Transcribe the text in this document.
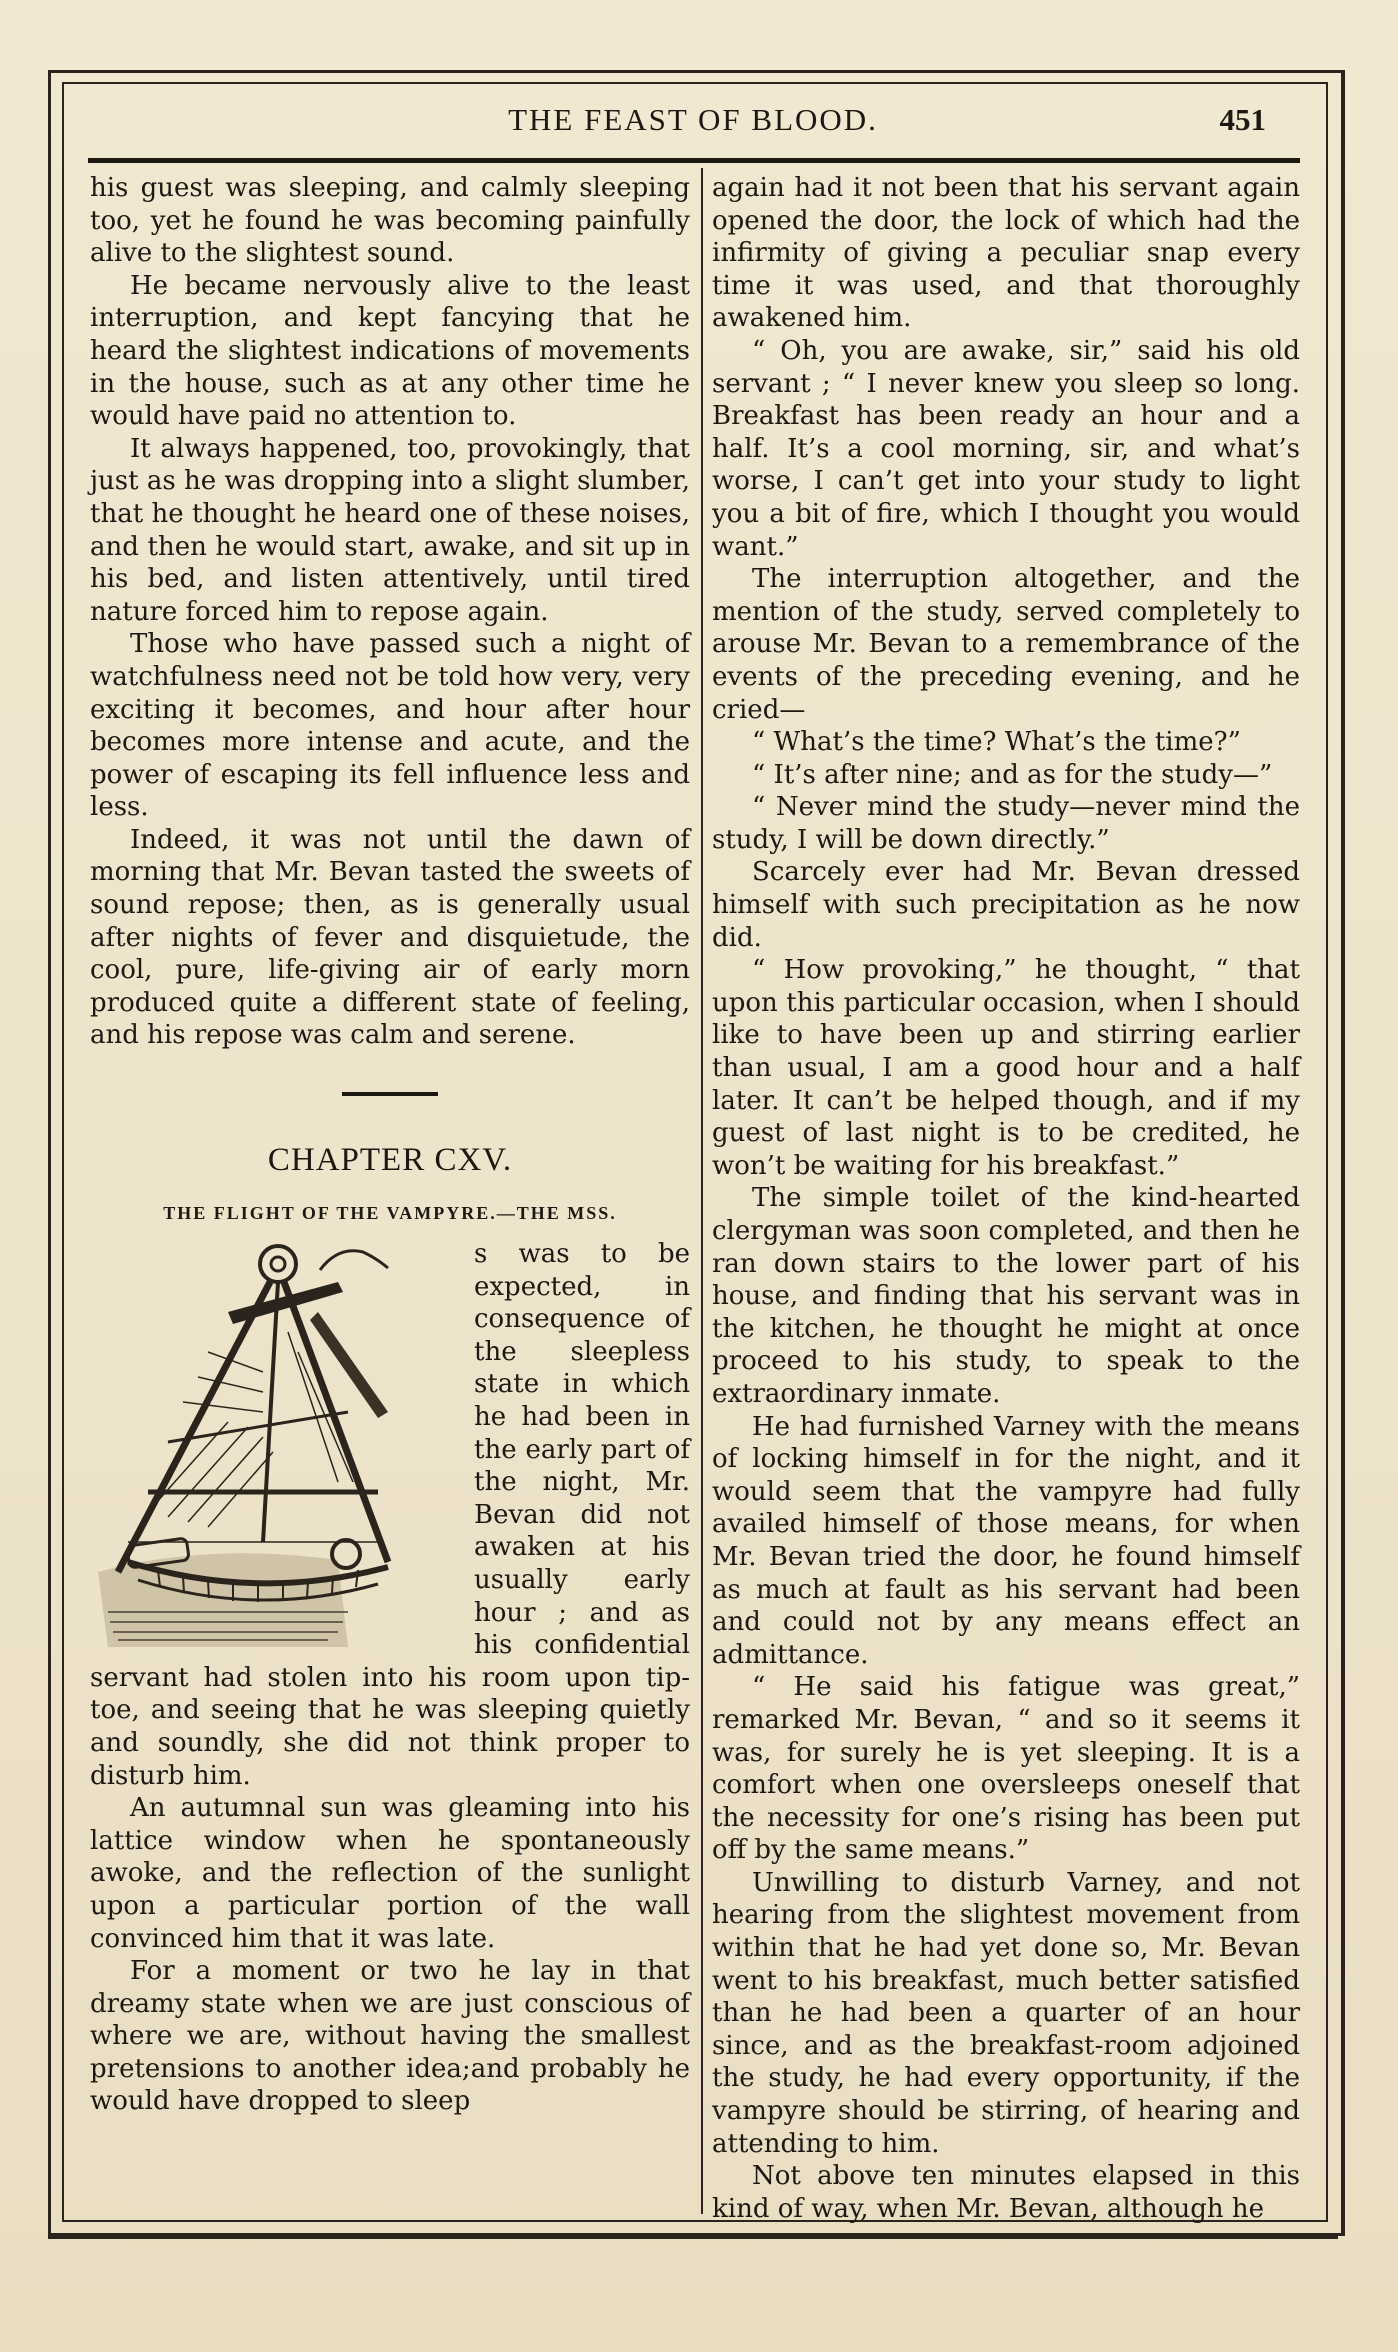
THE FEAST OF BLOOD.	451

his guest was sleeping, and calmly sleeping too, yet he found he was becoming painfully alive to the slightest sound.

He became nervously alive to the least interruption, and kept fancying that he heard the slightest indications of movements in the house, such as at any other time he would have paid no attention to.

It always happened, too, provokingly, that just as he was dropping into a slight slumber, that he thought he heard one of these noises, and then he would start, awake, and sit up in his bed, and listen attentively, until tired nature forced him to repose again.

Those who have passed such a night of watchfulness need not be told how very, very exciting it becomes, and hour after hour becomes more intense and acute, and the power of escaping its fell influence less and less.

Indeed, it was not until the dawn of morning that Mr. Bevan tasted the sweets of sound repose; then, as is generally usual after nights of fever and disquietude, the cool, pure, life-giving air of early morn produced quite a different state of feeling, and his repose was calm and serene.

CHAPTER CXV.
THE FLIGHT OF THE VAMPYRE.—THE MSS.

s was to be expected, in consequence of the sleepless state in which he had been in the early part of the night, Mr. Bevan did not awaken at his usually early hour ; and as his confidential servant had stolen into his room upon tip-toe, and seeing that he was sleeping quietly and soundly, she did not think proper to disturb him.

An autumnal sun was gleaming into his lattice window when he spontaneously awoke, and the reflection of the sunlight upon a particular portion of the wall convinced him that it was late.

For a moment or two he lay in that dreamy state when we are just conscious of where we are, without having the smallest pretensions to another idea;and probably he would have dropped to sleep

again had it not been that his servant again opened the door, the lock of which had the infirmity of giving a peculiar snap every time it was used, and that thoroughly awakened him.

“ Oh, you are awake, sir,” said his old servant ; “ I never knew you sleep so long. Breakfast has been ready an hour and a half. It’s a cool morning, sir, and what’s worse, I can’t get into your study to light you a bit of fire, which I thought you would want.”

The interruption altogether, and the mention of the study, served completely to arouse Mr. Bevan to a remembrance of the events of the preceding evening, and he cried—

“ What’s the time? What’s the time?”

“ It’s after nine; and as for the study—”

“ Never mind the study—never mind the study, I will be down directly.”

Scarcely ever had Mr. Bevan dressed himself with such precipitation as he now did.

“ How provoking,” he thought, “ that upon this particular occasion, when I should like to have been up and stirring earlier than usual, I am a good hour and a half later. It can’t be helped though, and if my guest of last night is to be credited, he won’t be waiting for his breakfast.”

The simple toilet of the kind-hearted clergyman was soon completed, and then he ran down stairs to the lower part of his house, and finding that his servant was in the kitchen, he thought he might at once proceed to his study, to speak to the extraordinary inmate.

He had furnished Varney with the means of locking himself in for the night, and it would seem that the vampyre had fully availed himself of those means, for when Mr. Bevan tried the door, he found himself as much at fault as his servant had been and could not by any means effect an admittance.

“ He said his fatigue was great,” remarked Mr. Bevan, “ and so it seems it was, for surely he is yet sleeping. It is a comfort when one oversleeps oneself that the necessity for one’s rising has been put off by the same means.”

Unwilling to disturb Varney, and not hearing from the slightest movement from within that he had yet done so, Mr. Bevan went to his breakfast, much better satisfied than he had been a quarter of an hour since, and as the breakfast-room adjoined the study, he had every opportunity, if the vampyre should be stirring, of hearing and attending to him.

Not above ten minutes elapsed in this kind of way, when Mr. Bevan, although he
